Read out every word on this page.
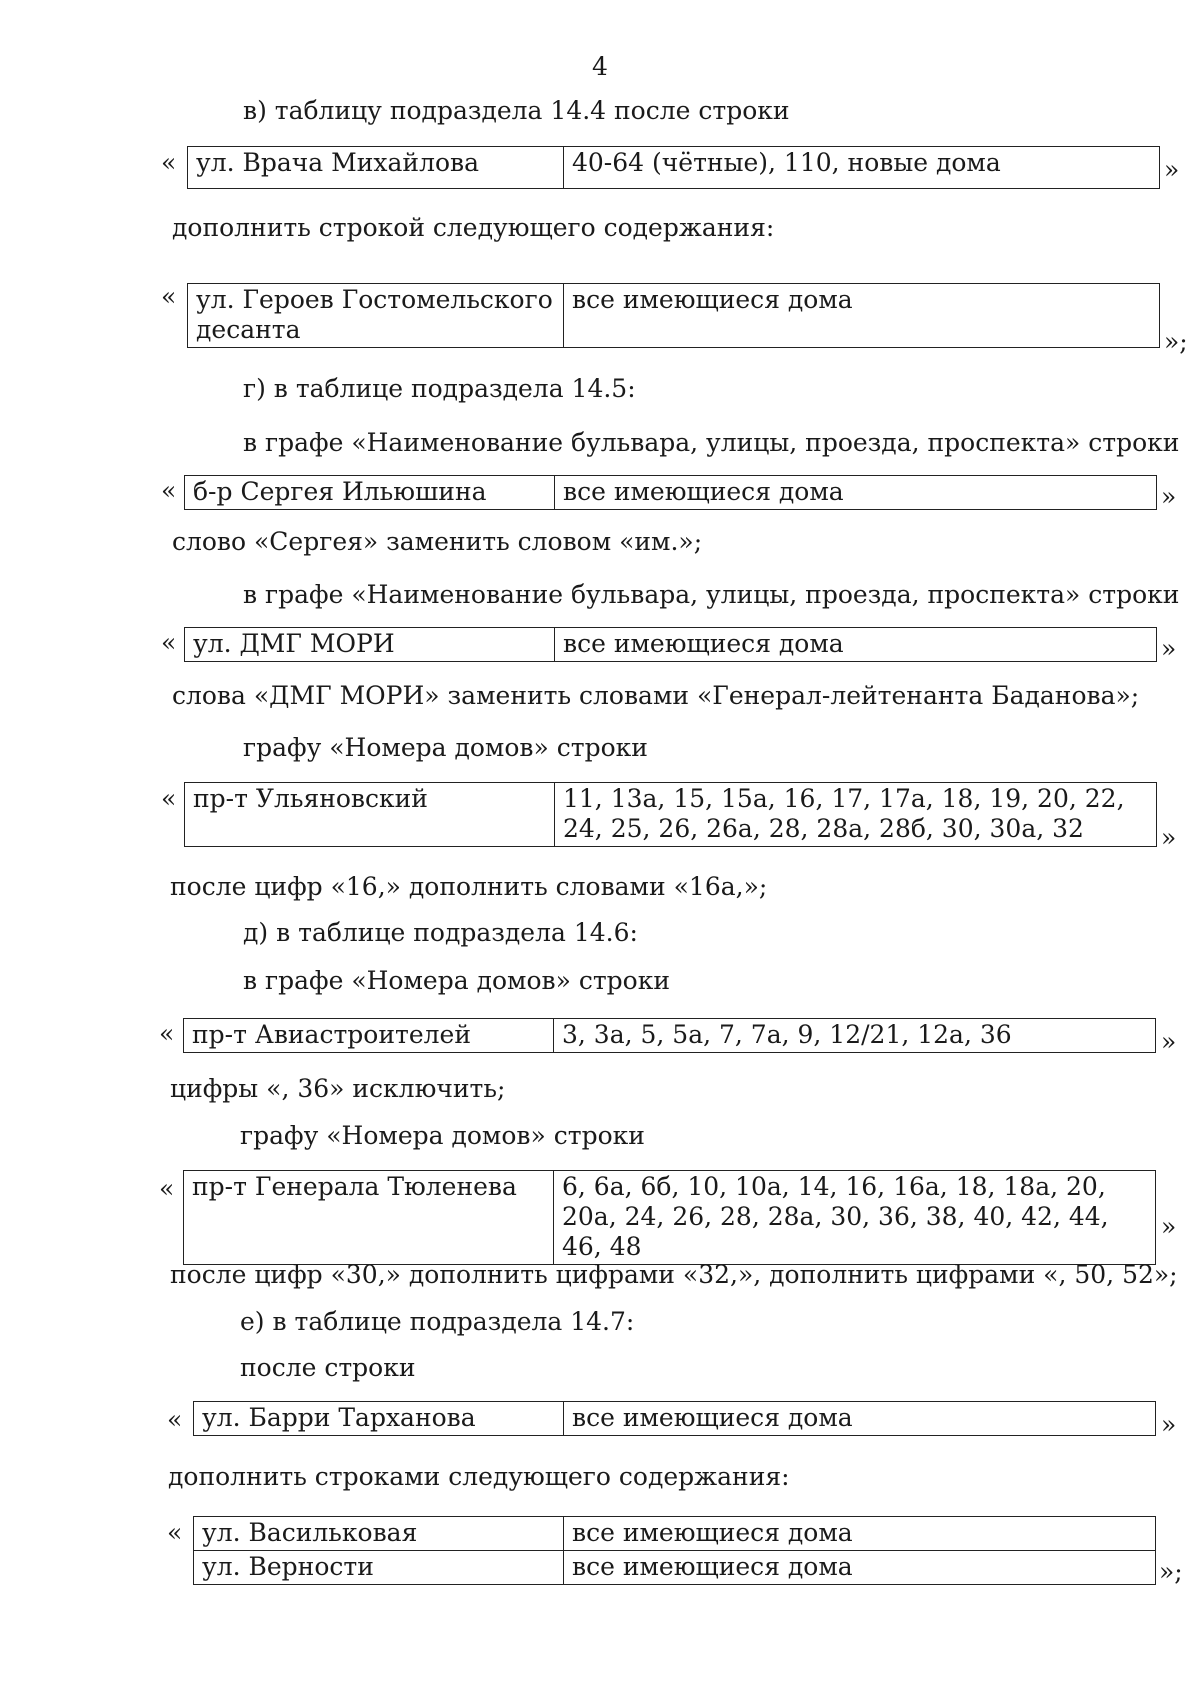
4
в) таблицу подраздела 14.4 после строки
« ул. Врача Михайлова	40-64 (чётные), 110, новые дома	»
дополнить строкой следующего содержания:
« ул. Героев Гостомельского десанта	все имеющиеся дома
»;
г) в таблице подраздела 14.5:
в графе «Наименование бульвара, улицы, проезда, проспекта» строки
« б-р Сергея Ильюшина	все имеющиеся дома	»
слово «Сергея» заменить словом «им.»;
в графе «Наименование бульвара, улицы, проезда, проспекта» строки
« ул. ДМГ МОРИ	все имеющиеся дома	»
слова «ДМГ МОРИ» заменить словами «Генерал-лейтенанта Баданова»;
графу «Номера домов» строки
« пр-т Ульяновский	11, 13а, 15, 15а, 16, 17, 17а, 18, 19, 20, 22, 24, 25, 26, 26а, 28, 28а, 28б, 30, 30а, 32	»
после цифр «16,» дополнить словами «16а,»;
д) в таблице подраздела 14.6:
в графе «Номера домов» строки
« пр-т Авиастроителей	3, 3а, 5, 5а, 7, 7а, 9, 12/21, 12а, 36	»
цифры «, 36» исключить;
графу «Номера домов» строки
« пр-т Генерала Тюленева	6, 6а, 6б, 10, 10а, 14, 16, 16а, 18, 18а, 20, 20а, 24, 26, 28, 28а, 30, 36, 38, 40, 42, 44, 46, 48
»
после цифр «30,» дополнить цифрами «32,», дополнить цифрами «, 50, 52»;
е) в таблице подраздела 14.7:
после строки
« ул. Барри Тарханова	все имеющиеся дома	»
дополнить строками следующего содержания:
« ул. Васильковая	все имеющиеся дома
ул. Верности	все имеющиеся дома	»;
